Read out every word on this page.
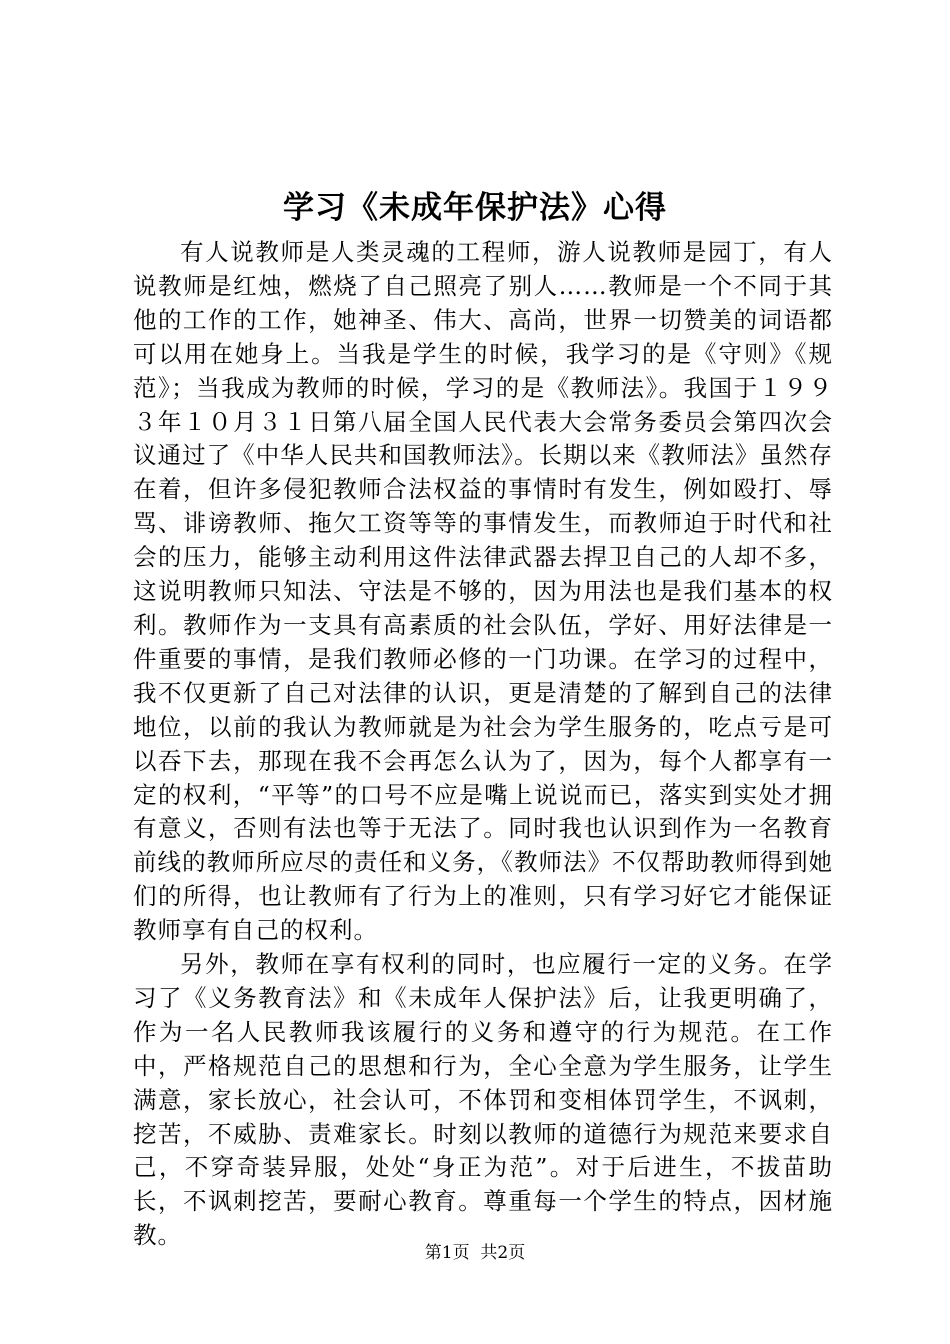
学习《未成年保护法》心得

有人说教师是人类灵魂的工程师，游人说教师是园丁，有人说教师是红烛，燃烧了自己照亮了别人……教师是一个不同于其他的工作的工作，她神圣、伟大、高尚，世界一切赞美的词语都可以用在她身上。当我是学生的时候，我学习的是《守则》《规范》；当我成为教师的时候，学习的是《教师法》。我国于１９９３年１０月３１日第八届全国人民代表大会常务委员会第四次会议通过了《中华人民共和国教师法》。长期以来《教师法》虽然存在着，但许多侵犯教师合法权益的事情时有发生，例如殴打、辱骂、诽谤教师、拖欠工资等等的事情发生，而教师迫于时代和社会的压力，能够主动利用这件法律武器去捍卫自己的人却不多，这说明教师只知法、守法是不够的，因为用法也是我们基本的权利。教师作为一支具有高素质的社会队伍，学好、用好法律是一件重要的事情，是我们教师必修的一门功课。在学习的过程中，我不仅更新了自己对法律的认识，更是清楚的了解到自己的法律地位，以前的我认为教师就是为社会为学生服务的，吃点亏是可以吞下去，那现在我不会再怎么认为了，因为，每个人都享有一定的权利，“平等”的口号不应是嘴上说说而已，落实到实处才拥有意义，否则有法也等于无法了。同时我也认识到作为一名教育前线的教师所应尽的责任和义务，《教师法》不仅帮助教师得到她们的所得，也让教师有了行为上的准则，只有学习好它才能保证教师享有自己的权利。

另外，教师在享有权利的同时，也应履行一定的义务。在学习了《义务教育法》和《未成年人保护法》后，让我更明确了，作为一名人民教师我该履行的义务和遵守的行为规范。在工作中，严格规范自己的思想和行为，全心全意为学生服务，让学生满意，家长放心，社会认可，不体罚和变相体罚学生，不讽刺，挖苦，不威胁、责难家长。时刻以教师的道德行为规范来要求自己，不穿奇装异服，处处“身正为范”。对于后进生，不拔苗助长，不讽刺挖苦，要耐心教育。尊重每一个学生的特点，因材施教。

第1页  共2页
